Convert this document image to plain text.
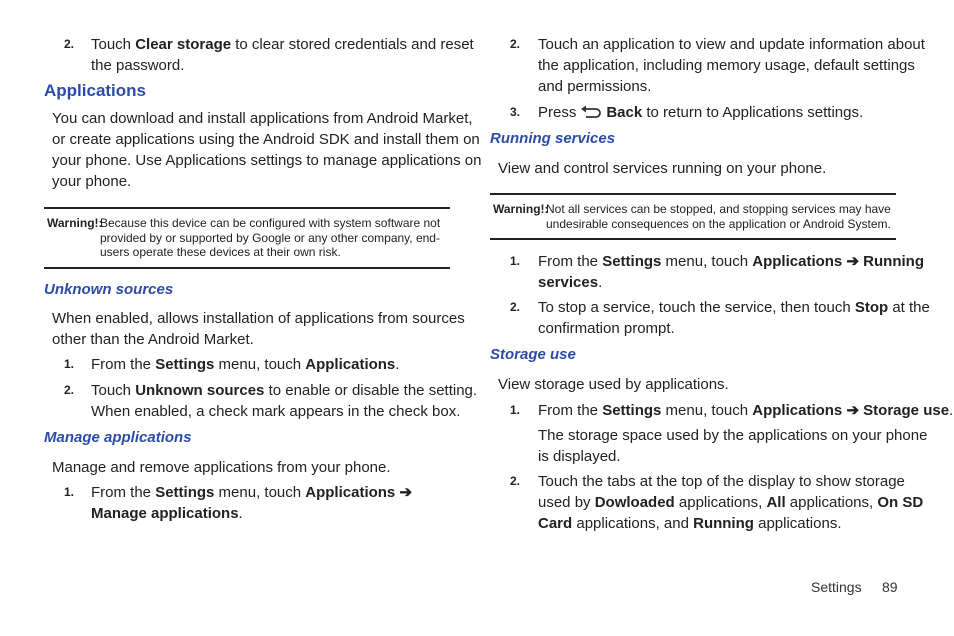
2. Touch Clear storage to clear stored credentials and reset
the password.
Applications
You can download and install applications from Android Market,
or create applications using the Android SDK and install them on
your phone. Use Applications settings to manage applications on
your phone.
Warning!:
Because this device can be configured with system software not
provided by or supported by Google or any other company, end-
users operate these devices at their own risk.
Unknown sources
When enabled, allows installation of applications from sources
other than the Android Market.
1. From the Settings menu, touch Applications.
2. Touch Unknown sources to enable or disable the setting.
When enabled, a check mark appears in the check box.
Manage applications
Manage and remove applications from your phone.
1. From the Settings menu, touch Applications ➔
Manage applications.
2. Touch an application to view and update information about
the application, including memory usage, default settings
and permissions.
3. Press Back to return to Applications settings.
Running services
View and control services running on your phone.
Warning!:
Not all services can be stopped, and stopping services may have
undesirable consequences on the application or Android System.
1. From the Settings menu, touch Applications ➔ Running
services.
2. To stop a service, touch the service, then touch Stop at the
confirmation prompt.
Storage use
View storage used by applications.
1. From the Settings menu, touch Applications ➔ Storage use.
The storage space used by the applications on your phone
is displayed.
2. Touch the tabs at the top of the display to show storage
used by Dowloaded applications, All applications, On SD
Card applications, and Running applications.
Settings 89
